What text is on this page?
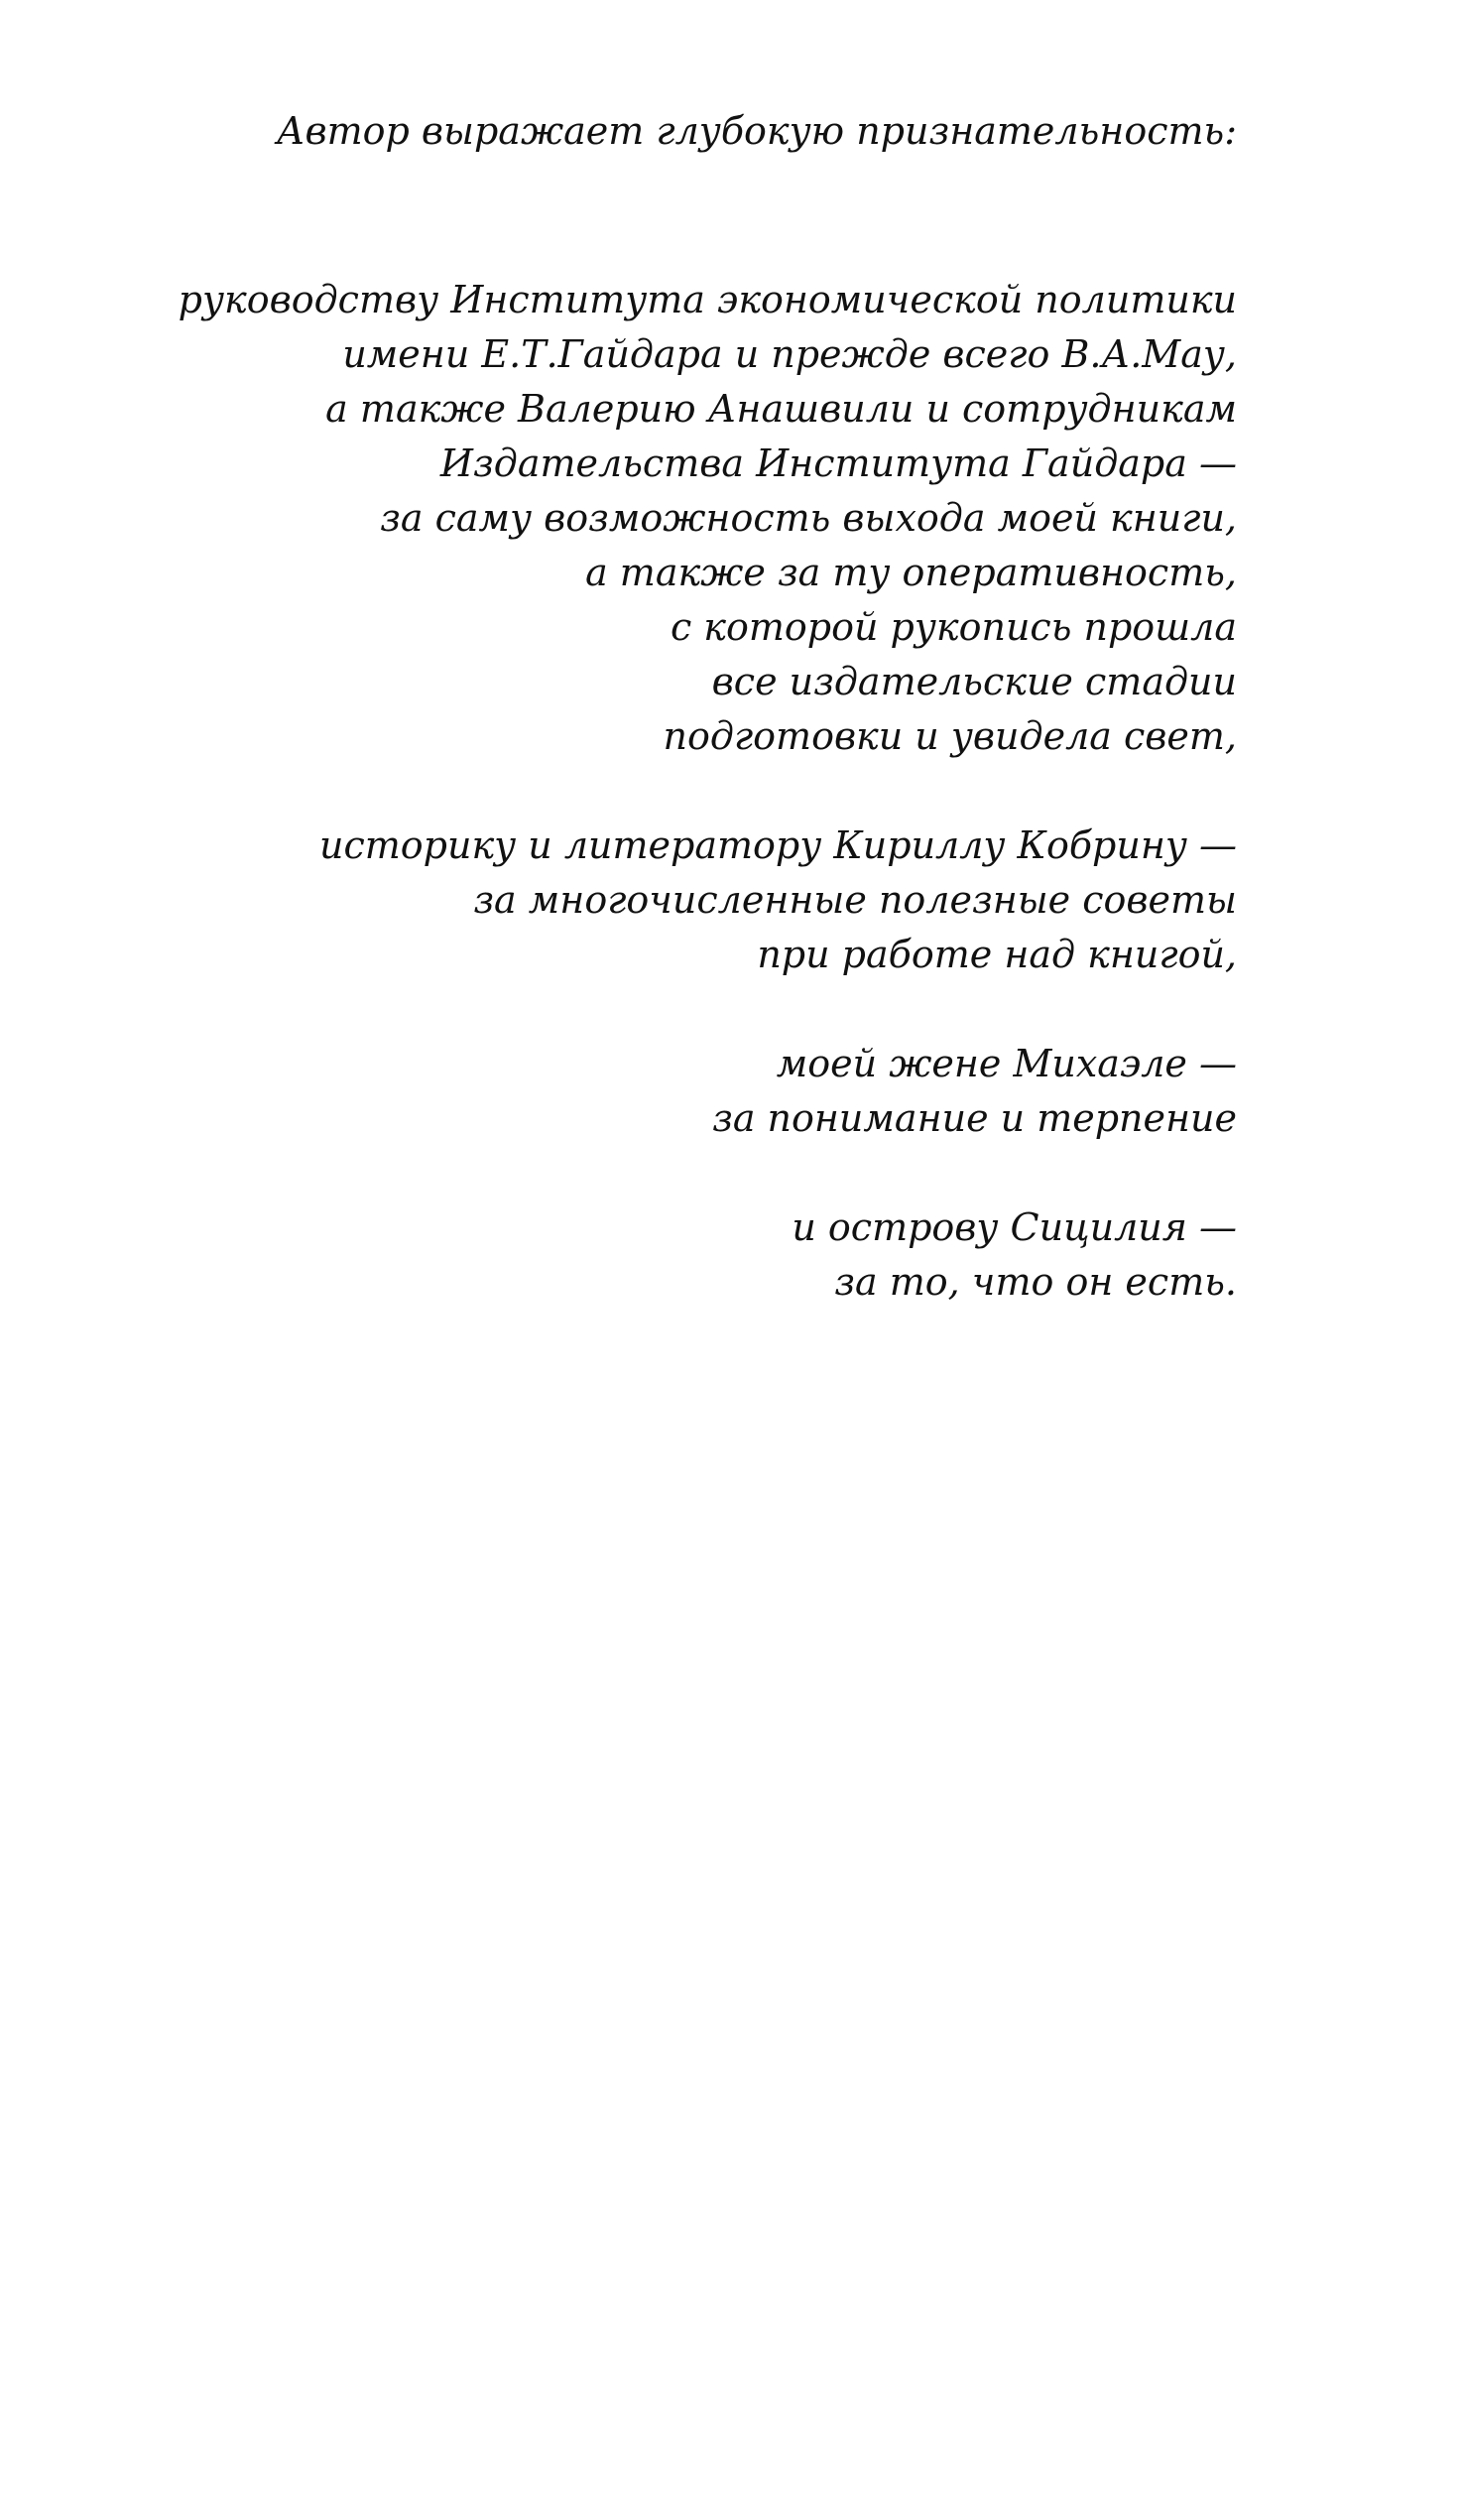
Автор выражает глубокую признательность:

руководству Института экономической политики

имени Е.Т.Гайдара и прежде всего В.А.Мау,

а также Валерию Анашвили и сотрудникам

Издательства Института Гайдара —

за саму возможность выхода моей книги,

а также за ту оперативность,

с которой рукопись прошла

все издательские стадии

подготовки и увидела свет,

историку и литератору Кириллу Кобрину —

за многочисленные полезные советы

при работе над книгой,

моей жене Михаэле —

за понимание и терпение

и острову Сицилия —

за то, что он есть.
